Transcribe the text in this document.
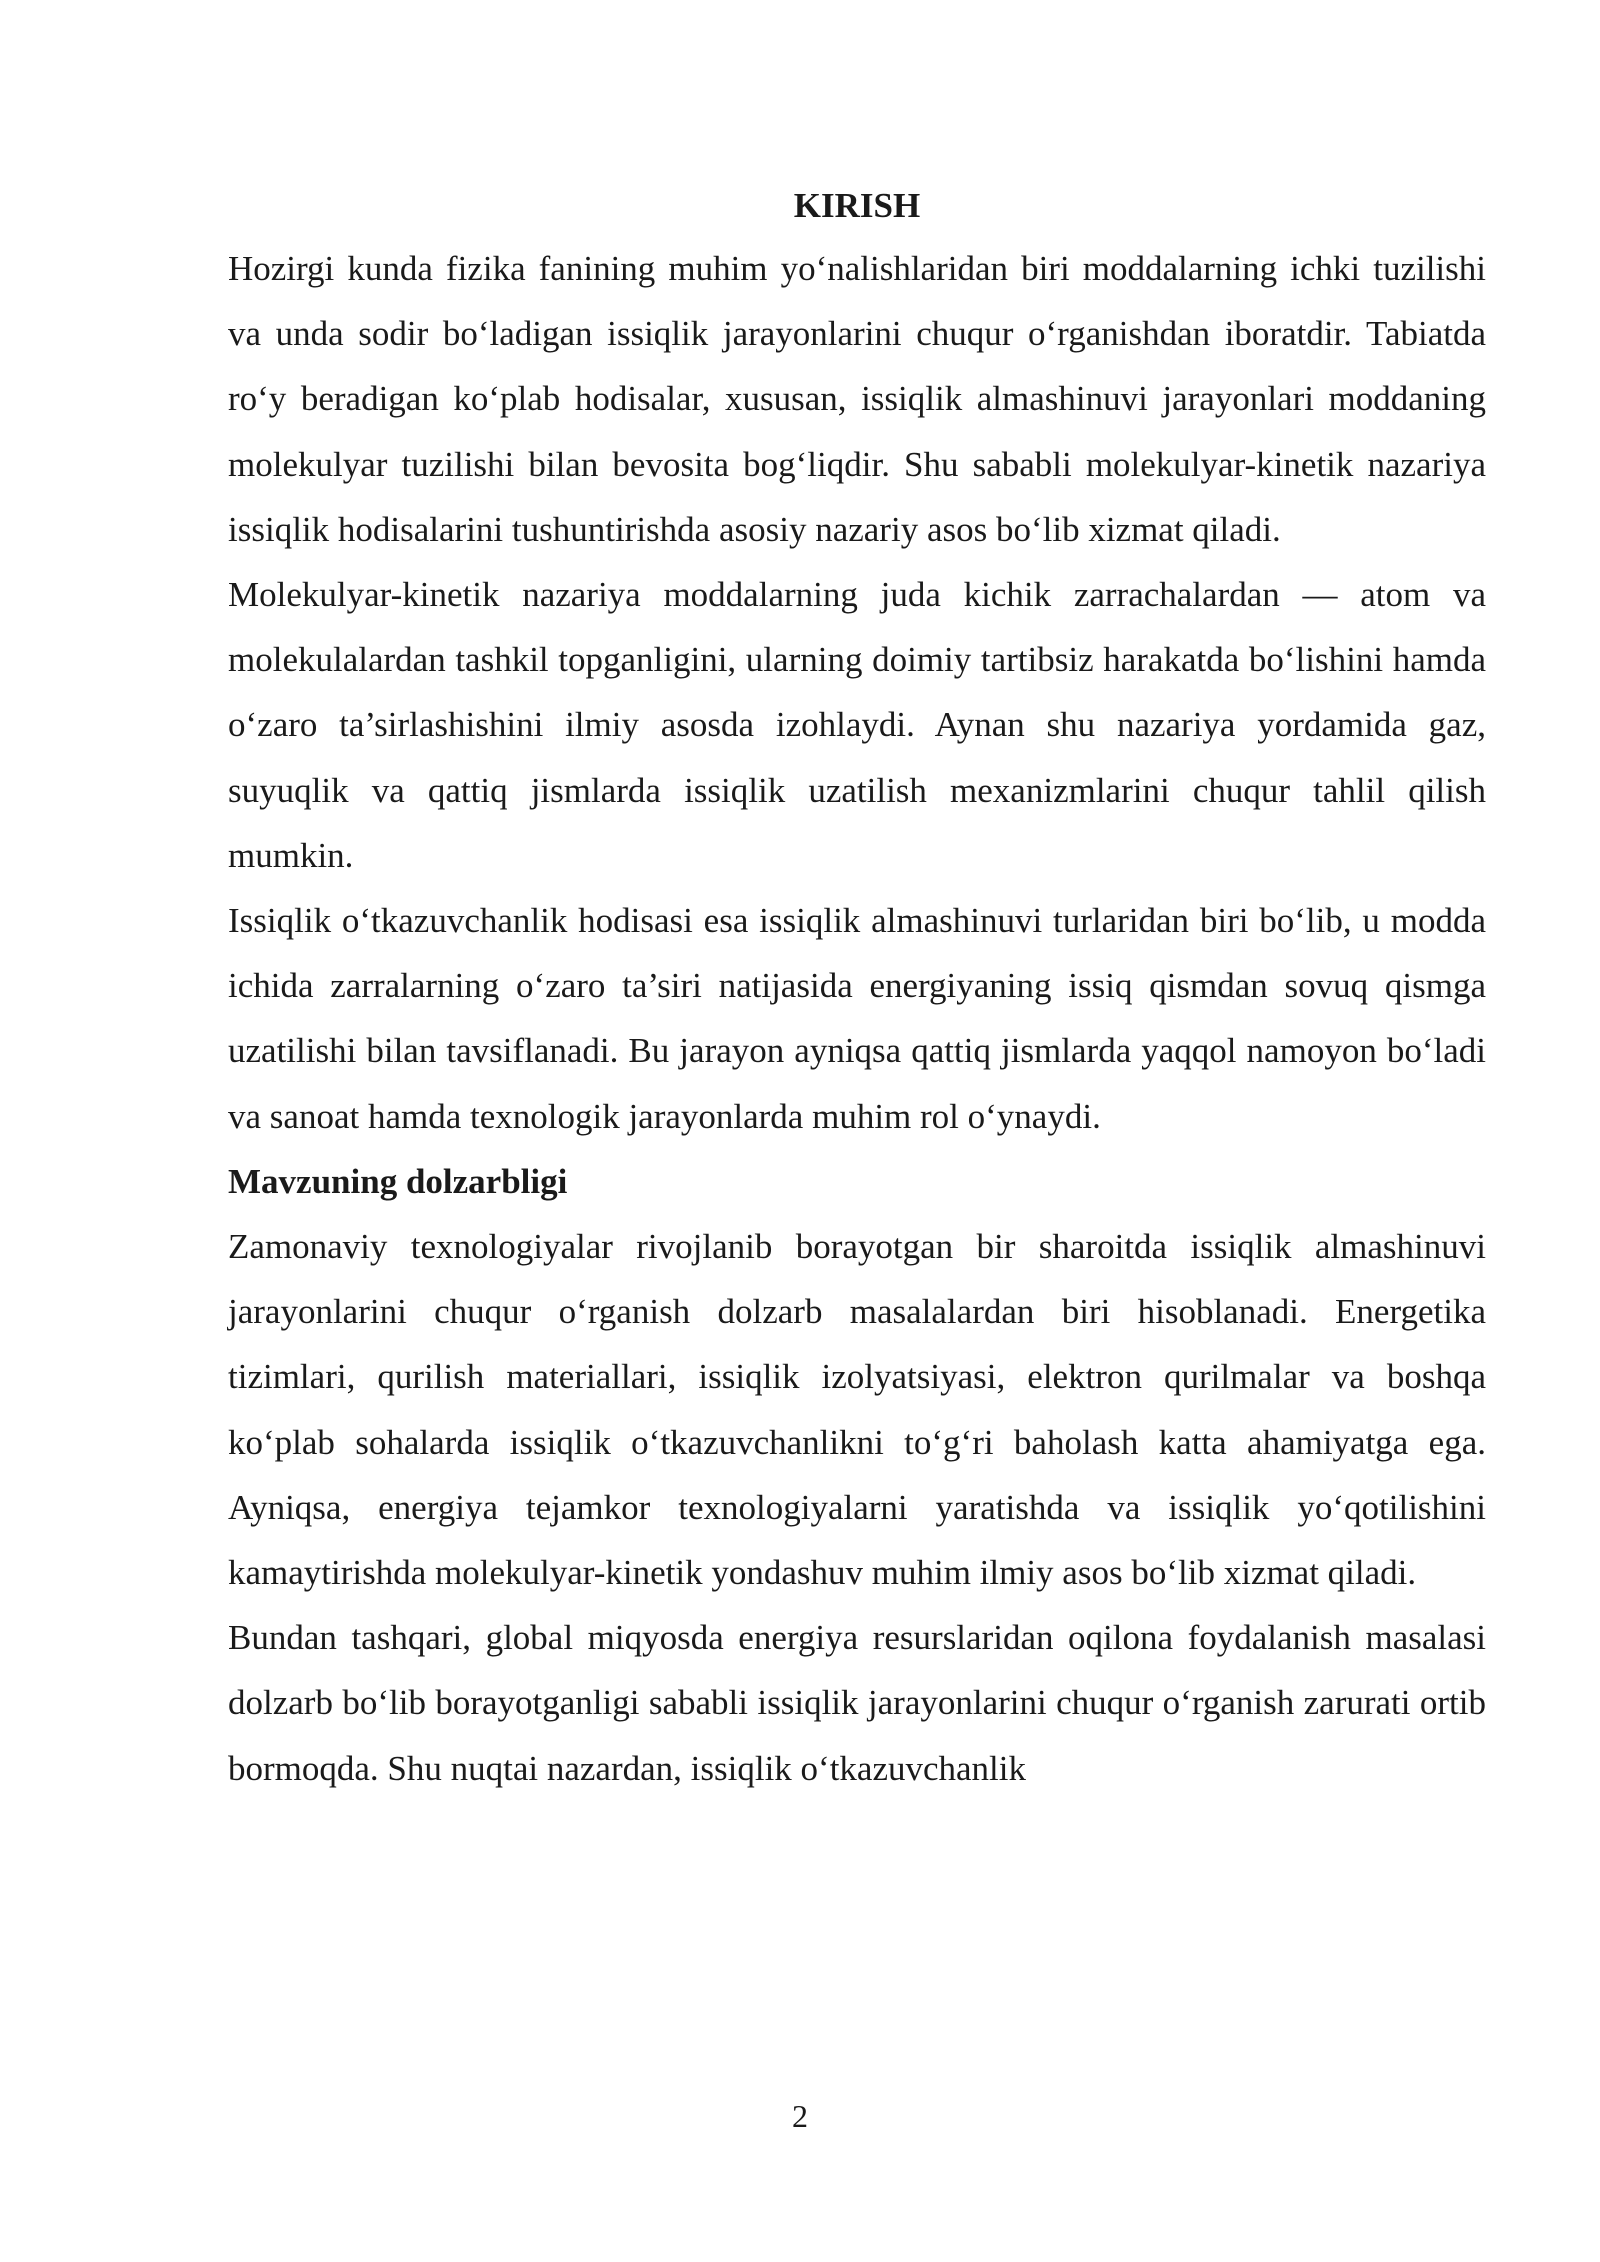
KIRISH

Hozirgi kunda fizika fanining muhim yo‘nalishlaridan biri moddalarning ichki tuzilishi va unda sodir bo‘ladigan issiqlik jarayonlarini chuqur o‘rganishdan iboratdir. Tabiatda ro‘y beradigan ko‘plab hodisalar, xususan, issiqlik almashinuvi jarayonlari moddaning molekulyar tuzilishi bilan bevosita bog‘liqdir. Shu sababli molekulyar-kinetik nazariya issiqlik hodisalarini tushuntirishda asosiy nazariy asos bo‘lib xizmat qiladi.

Molekulyar-kinetik nazariya moddalarning juda kichik zarrachalardan — atom va molekulalardan tashkil topganligini, ularning doimiy tartibsiz harakatda bo‘lishini hamda o‘zaro ta’sirlashishini ilmiy asosda izohlaydi. Aynan shu nazariya yordamida gaz, suyuqlik va qattiq jismlarda issiqlik uzatilish mexanizmlarini chuqur tahlil qilish mumkin.

Issiqlik o‘tkazuvchanlik hodisasi esa issiqlik almashinuvi turlaridan biri bo‘lib, u modda ichida zarralarning o‘zaro ta’siri natijasida energiyaning issiq qismdan sovuq qismga uzatilishi bilan tavsiflanadi. Bu jarayon ayniqsa qattiq jismlarda yaqqol namoyon bo‘ladi va sanoat hamda texnologik jarayonlarda muhim rol o‘ynaydi.

Mavzuning dolzarbligi

Zamonaviy texnologiyalar rivojlanib borayotgan bir sharoitda issiqlik almashinuvi jarayonlarini chuqur o‘rganish dolzarb masalalardan biri hisoblanadi. Energetika tizimlari, qurilish materiallari, issiqlik izolyatsiyasi, elektron qurilmalar va boshqa ko‘plab sohalarda issiqlik o‘tkazuvchanlikni to‘g‘ri baholash katta ahamiyatga ega. Ayniqsa, energiya tejamkor texnologiyalarni yaratishda va issiqlik yo‘qotilishini kamaytirishda molekulyar-kinetik yondashuv muhim ilmiy asos bo‘lib xizmat qiladi.

Bundan tashqari, global miqyosda energiya resurslaridan oqilona foydalanish masalasi dolzarb bo‘lib borayotganligi sababli issiqlik jarayonlarini chuqur o‘rganish zarurati ortib bormoqda. Shu nuqtai nazardan, issiqlik o‘tkazuvchanlik

2
